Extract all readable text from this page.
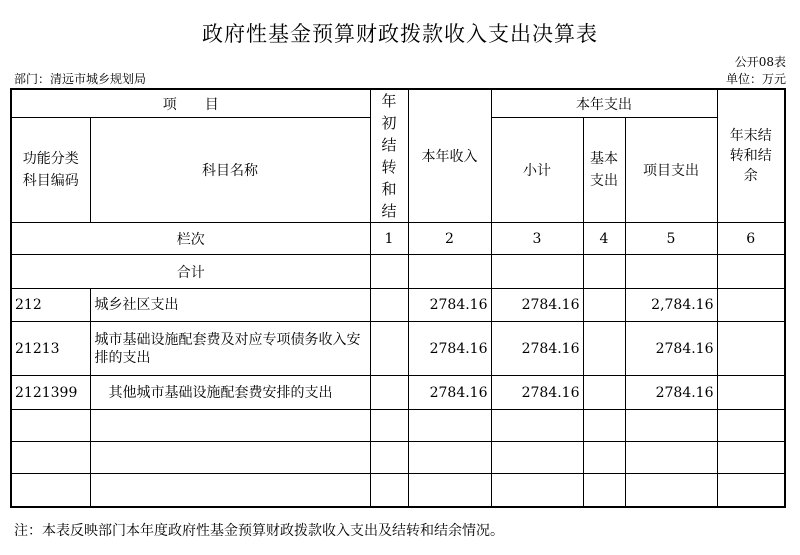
政府性基金预算财政拨款收入支出决算表
公开08表
部门：清远市城乡规划局	单位：万元
项　　目		年初结转和结	本年收入	本年支出			年末结转和结余

功能分类科目编码	科目名称			小计	基本支出	项目支出	

栏次		1	2	3	4	5	6
合计							
212	城乡社区支出		2784.16	2784.16		2,784.16	
21213	城市基础设施配套费及对应专项债务收入安排的支出		2784.16	2784.16		2784.16	
2121399	其他城市基础设施配套费安排的支出		2784.16	2784.16		2784.16	

注：本表反映部门本年度政府性基金预算财政拨款收入支出及结转和结余情况。
